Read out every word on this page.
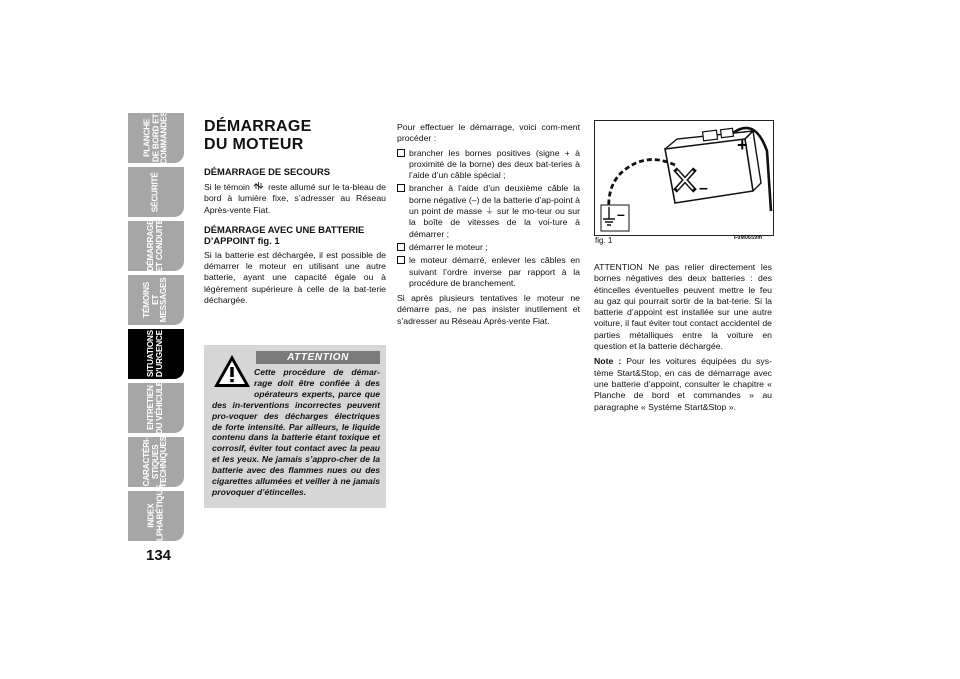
PLANCHE
DE BORD ET
COMMANDES
SÉCURITÉ
DÉMARRAGE
ET CONDUITE
TÉMOINS
ET MESSAGES
SITUATIONS
D'URGENCE
ENTRETIEN
DU VÉHICULE
CARACTÉRI-
STIQUES
TECHNIQUES
INDEX
ALPHABÉTIQUE
134
DÉMARRAGE
DU MOTEUR
DÉMARRAGE DE SECOURS

Si le témoin reste allumé sur le ta-bleau de bord à lumière fixe, s’adresser au Réseau Après-vente Fiat.

DÉMARRAGE AVEC UNE BATTERIE D’APPOINT fig. 1

Si la batterie est déchargée, il est possible de démarrer le moteur en utilisant une autre batterie, ayant une capacité égale ou à légèrement supérieure à celle de la bat-terie déchargée.

ATTENTION

Cette procédure de démar-rage doit être confiée à des opérateurs experts, parce que des in-terventions incorrectes peuvent pro-voquer des décharges électriques de forte intensité. Par ailleurs, le liquide contenu dans la batterie étant toxique et corrosif, éviter tout contact avec la peau et les yeux. Ne jamais s’appro-cher de la batterie avec des flammes nues ou des cigarettes allumées et veiller à ne jamais provoquer d’étincelles.

Pour effectuer le démarrage, voici com-ment procéder :

brancher les bornes positives (signe + à proximité de la borne) des deux bat-teries à l’aide d’un câble spécial ;
brancher à l’aide d’un deuxième câble la borne négative (–) de la batterie d’ap-point à un point de masse ⏚ sur le mo-teur ou sur la boîte de vitesses de la voi-ture à démarrer ;
démarrer le moteur ;
le moteur démarré, enlever les câbles en suivant l’ordre inverse par rapport à la procédure de branchement.

Si après plusieurs tentatives le moteur ne démarre pas, ne pas insister inutilement et s’adresser au Réseau Après-vente Fiat.

–
+
–
fig. 1	F0M0659m

ATTENTION Ne pas relier directement les bornes négatives des deux batteries : des étincelles éventuelles peuvent mettre le feu au gaz qui pourrait sortir de la bat-terie. Si la batterie d’appoint est installée sur une autre voiture, il faut éviter tout contact accidentel de parties métalliques entre la voiture en question et la batterie déchargée.

Note : Pour les voitures équipées du sys-tème Start&Stop, en cas de démarrage avec une batterie d’appoint, consulter le chapitre « Planche de bord et commandes » au paragraphe « Système Start&Stop ».
